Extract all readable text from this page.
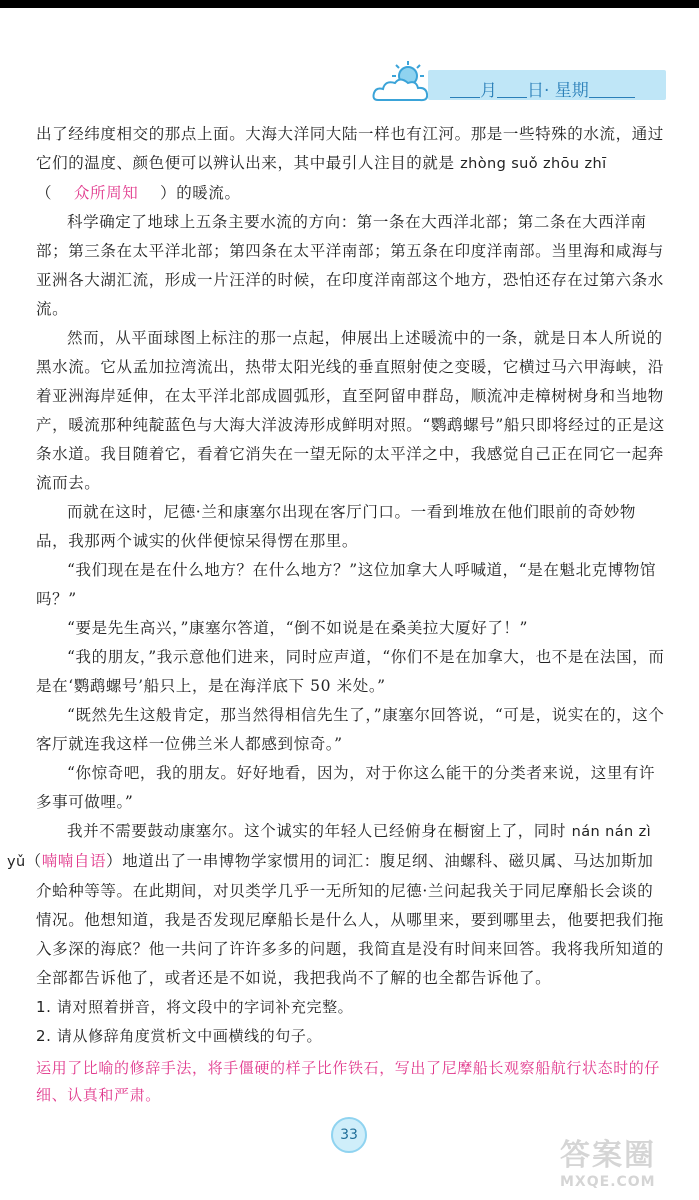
月 日· 星期

出了经纬度相交的那点上面。大海大洋同大陆一样也有江河。那是一些特殊的水流，通过它们的温度、颜色便可以辨认出来，其中最引人注目的就是 zhòng suǒ zhōu zhī
（ 众所周知 ）的暖流。

科学确定了地球上五条主要水流的方向：第一条在大西洋北部；第二条在大西洋南部；第三条在太平洋北部；第四条在太平洋南部；第五条在印度洋南部。当里海和咸海与亚洲各大湖汇流，形成一片汪洋的时候，在印度洋南部这个地方，恐怕还存在过第六条水流。

然而，从平面球图上标注的那一点起，伸展出上述暖流中的一条，就是日本人所说的黑水流。它从孟加拉湾流出，热带太阳光线的垂直照射使之变暖，它横过马六甲海峡，沿着亚洲海岸延伸，在太平洋北部成圆弧形，直至阿留申群岛，顺流冲走樟树树身和当地物产，暖流那种纯靛蓝色与大海大洋波涛形成鲜明对照。“鹦鹉螺号”船只即将经过的正是这条水道。我目随着它，看着它消失在一望无际的太平洋之中，我感觉自己正在同它一起奔流而去。

而就在这时，尼德·兰和康塞尔出现在客厅门口。一看到堆放在他们眼前的奇妙物品，我那两个诚实的伙伴便惊呆得愣在那里。

“我们现在是在什么地方？在什么地方？”这位加拿大人呼喊道，“是在魁北克博物馆吗？”

“要是先生高兴，”康塞尔答道，“倒不如说是在桑美拉大厦好了！”

“我的朋友，”我示意他们进来，同时应声道，“你们不是在加拿大，也不是在法国，而是在‘鹦鹉螺号’船只上，是在海洋底下 50 米处。”

“既然先生这般肯定，那当然得相信先生了，”康塞尔回答说，“可是，说实在的，这个客厅就连我这样一位佛兰米人都感到惊奇。”

“你惊奇吧，我的朋友。好好地看，因为，对于你这么能干的分类者来说，这里有许多事可做哩。”

我并不需要鼓动康塞尔。这个诚实的年轻人已经俯身在橱窗上了，同时 nán nán zì
yǔ（喃喃自语）地道出了一串博物学家惯用的词汇：腹足纲、油螺科、磁贝属、马达加斯加介蛤种等等。在此期间，对贝类学几乎一无所知的尼德·兰问起我关于同尼摩船长会谈的情况。他想知道，我是否发现尼摩船长是什么人，从哪里来，要到哪里去，他要把我们拖入多深的海底？他一共问了许许多多的问题，我简直是没有时间来回答。我将我所知道的全部都告诉他了，或者还是不如说，我把我尚不了解的也全都告诉他了。

1. 请对照着拼音，将文段中的字词补充完整。

2. 请从修辞角度赏析文中画横线的句子。

运用了比喻的修辞手法，将手僵硬的样子比作铁石，写出了尼摩船长观察船航行状态时的仔细、认真和严肃。

33
答案圈
MXQE.COM
